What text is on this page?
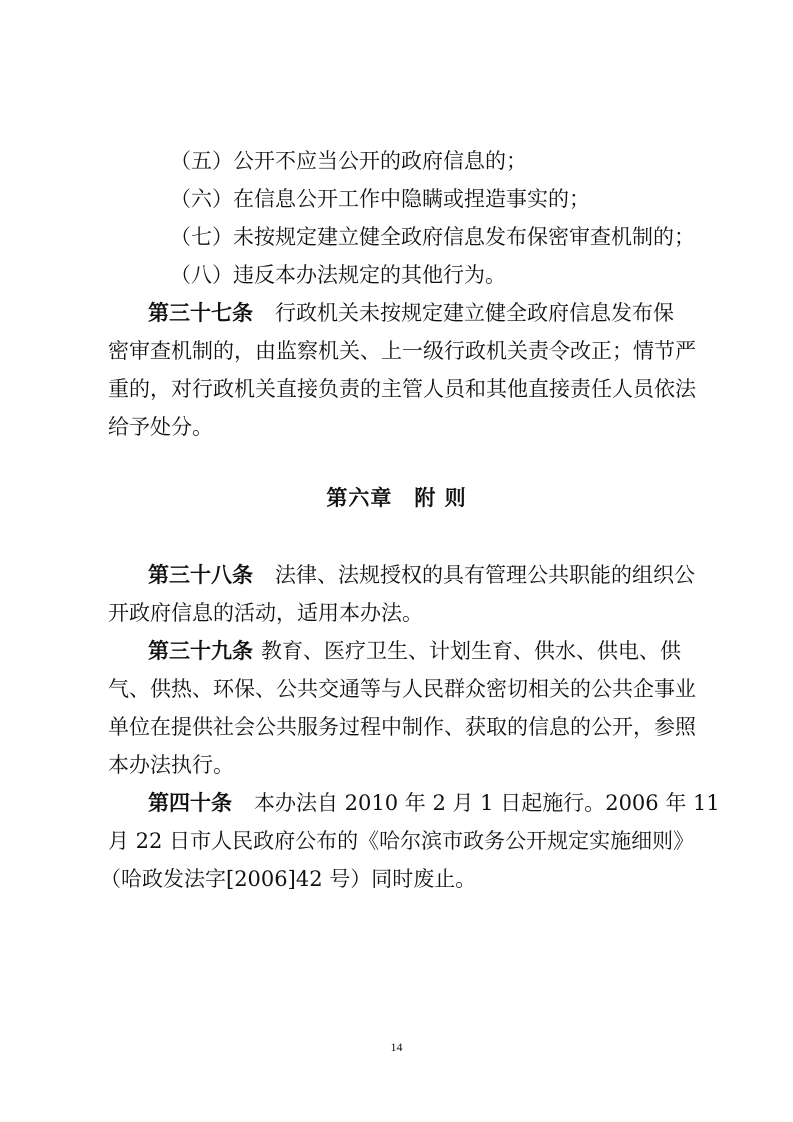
（五）公开不应当公开的政府信息的；
（六）在信息公开工作中隐瞒或捏造事实的；
（七）未按规定建立健全政府信息发布保密审查机制的；
（八）违反本办法规定的其他行为。
第三十七条 行政机关未按规定建立健全政府信息发布保
密审查机制的，由监察机关、上一级行政机关责令改正；情节严
重的，对行政机关直接负责的主管人员和其他直接责任人员依法
给予处分。
第六章 附 则
第三十八条 法律、法规授权的具有管理公共职能的组织公
开政府信息的活动，适用本办法。
第三十九条 教育、医疗卫生、计划生育、供水、供电、供
气、供热、环保、公共交通等与人民群众密切相关的公共企事业
单位在提供社会公共服务过程中制作、获取的信息的公开，参照
本办法执行。
第四十条 本办法自 2010 年 2 月 1 日起施行。2006 年 11
月 22 日市人民政府公布的《哈尔滨市政务公开规定实施细则》
（哈政发法字[2006]42 号）同时废止。
14
